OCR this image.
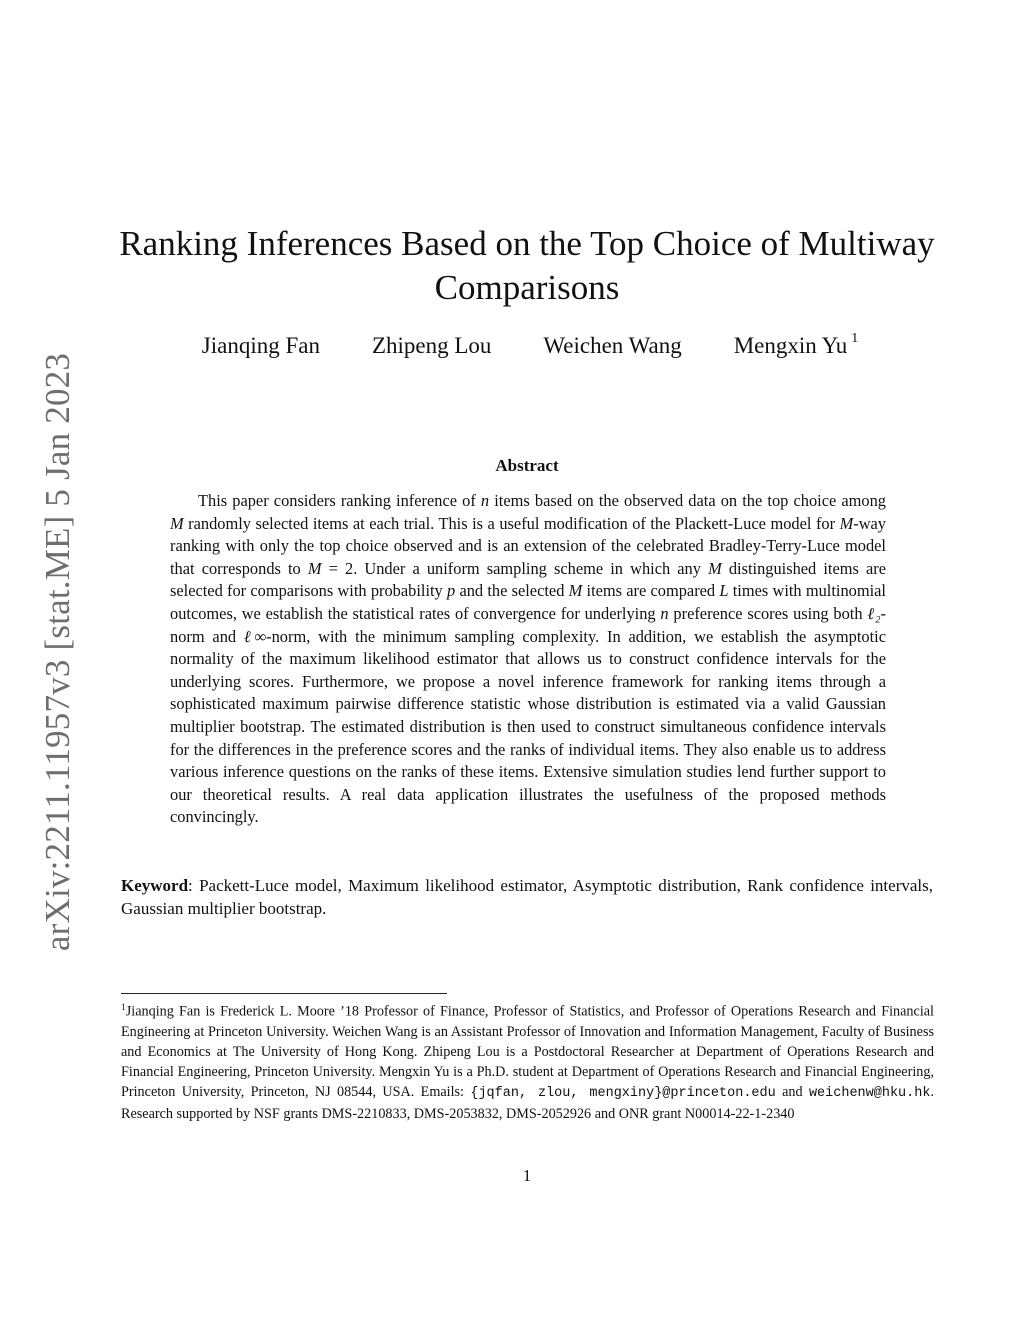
arXiv:2211.11957v3 [stat.ME] 5 Jan 2023
Ranking Inferences Based on the Top Choice of Multiway Comparisons
Jianqing Fan Zhipeng Lou Weichen Wang Mengxin Yu $^1$
Abstract
This paper considers ranking inference of n items based on the observed data on the top choice among M randomly selected items at each trial. This is a useful modification of the Plackett-Luce model for M-way ranking with only the top choice observed and is an extension of the celebrated Bradley-Terry-Luce model that corresponds to M = 2. Under a uniform sampling scheme in which any M distinguished items are selected for comparisons with probability p and the selected M items are compared L times with multinomial outcomes, we establish the statistical rates of convergence for underlying n preference scores using both ℓ₂-norm and ℓ∞-norm, with the minimum sampling complexity. In addition, we establish the asymptotic normality of the maximum likelihood estimator that allows us to construct confidence intervals for the underlying scores. Furthermore, we propose a novel inference framework for ranking items through a sophisticated maximum pairwise difference statistic whose distribution is estimated via a valid Gaussian multiplier bootstrap. The estimated distribution is then used to construct simultaneous confidence intervals for the differences in the preference scores and the ranks of individual items. They also enable us to address various inference questions on the ranks of these items. Extensive simulation studies lend further support to our theoretical results. A real data application illustrates the usefulness of the proposed methods convincingly.
Keyword: Packett-Luce model, Maximum likelihood estimator, Asymptotic distribution, Rank confidence intervals, Gaussian multiplier bootstrap.
$^1$Jianqing Fan is Frederick L. Moore ’18 Professor of Finance, Professor of Statistics, and Professor of Operations Research and Financial Engineering at Princeton University. Weichen Wang is an Assistant Professor of Innovation and Information Management, Faculty of Business and Economics at The University of Hong Kong. Zhipeng Lou is a Postdoctoral Researcher at Department of Operations Research and Financial Engineering, Princeton University. Mengxin Yu is a Ph.D. student at Department of Operations Research and Financial Engineering, Princeton University, Princeton, NJ 08544, USA. Emails: {jqfan, zlou, mengxiny}@princeton.edu and weichenw@hku.hk. Research supported by NSF grants DMS-2210833, DMS-2053832, DMS-2052926 and ONR grant N00014-22-1-2340
1
